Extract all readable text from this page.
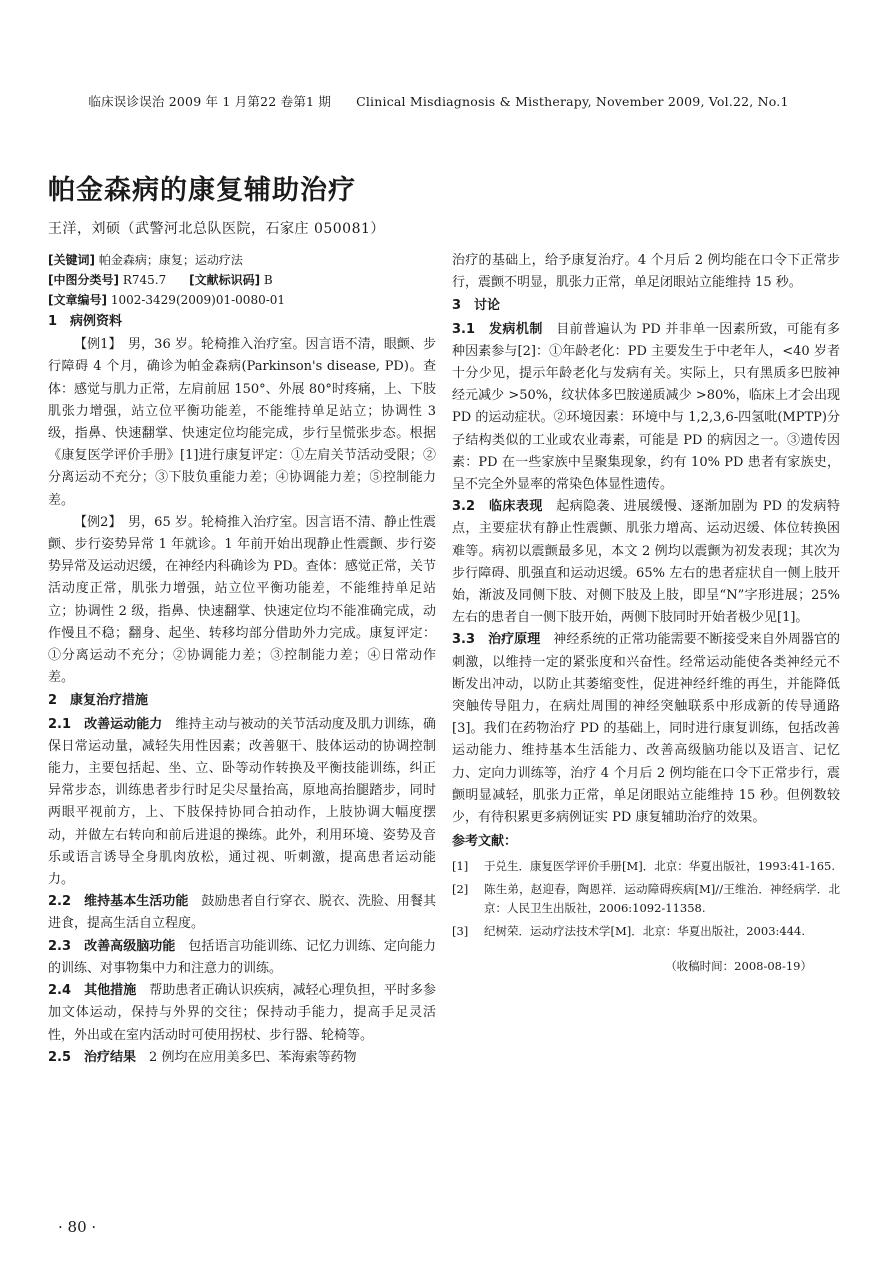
临床误诊误治 2009 年 1 月第22 卷第1 期 Clinical Misdiagnosis & Mistherapy, November 2009, Vol.22, No.1
帕金森病的康复辅助治疗
王洋，刘硕（武警河北总队医院，石家庄 050081）
[关键词] 帕金森病；康复；运动疗法
[中图分类号] R745.7 [文献标识码] B
[文章编号] 1002-3429(2009)01-0080-01
1　病例资料

【例1】　男，36 岁。轮椅推入治疗室。因言语不清，眼颤、步行障碍 4 个月，确诊为帕金森病(Parkinson's disease, PD)。查体：感觉与肌力正常，左肩前屈 150°、外展 80°时疼痛，上、下肢肌张力增强，站立位平衡功能差，不能维持单足站立；协调性 3 级，指鼻、快速翻掌、快速定位均能完成，步行呈慌张步态。根据《康复医学评价手册》[1]进行康复评定：①左肩关节活动受限；②分离运动不充分；③下肢负重能力差；④协调能力差；⑤控制能力差。

【例2】　男，65 岁。轮椅推入治疗室。因言语不清、静止性震颤、步行姿势异常 1 年就诊。1 年前开始出现静止性震颤、步行姿势异常及运动迟缓，在神经内科确诊为 PD。查体：感觉正常，关节活动度正常，肌张力增强，站立位平衡功能差，不能维持单足站立；协调性 2 级，指鼻、快速翻掌、快速定位均不能准确完成，动作慢且不稳；翻身、起坐、转移均部分借助外力完成。康复评定：①分离运动不充分；②协调能力差；③控制能力差；④日常动作差。

2　康复治疗措施

2.1　改善运动能力　 维持主动与被动的关节活动度及肌力训练，确保日常运动量，减轻失用性因素；改善躯干、肢体运动的协调控制能力，主要包括起、坐、立、卧等动作转换及平衡技能训练，纠正异常步态，训练患者步行时足尖尽量抬高，原地高抬腿踏步，同时两眼平视前方，上、下肢保持协同合拍动作，上肢协调大幅度摆动，并做左右转向和前后进退的操练。此外，利用环境、姿势及音乐或语言诱导全身肌肉放松，通过视、听刺激，提高患者运动能力。

2.2　维持基本生活功能　 鼓励患者自行穿衣、脱衣、洗脸、用餐其进食，提高生活自立程度。

2.3　改善高级脑功能　 包括语言功能训练、记忆力训练、定向能力的训练、对事物集中力和注意力的训练。

2.4　其他措施　 帮助患者正确认识疾病，减轻心理负担，平时多参加文体运动，保持与外界的交往；保持动手能力，提高手足灵活性，外出或在室内活动时可使用拐杖、步行器、轮椅等。

2.5　治疗结果　 2 例均在应用美多巴、苯海索等药物

治疗的基础上，给予康复治疗。4 个月后 2 例均能在口令下正常步行，震颤不明显，肌张力正常，单足闭眼站立能维持 15 秒。

3　讨论

3.1　发病机制　 目前普遍认为 PD 并非单一因素所致，可能有多种因素参与[2]：①年龄老化：PD 主要发生于中老年人，<40 岁者十分少见，提示年龄老化与发病有关。实际上，只有黑质多巴胺神经元减少 >50%，纹状体多巴胺递质减少 >80%，临床上才会出现 PD 的运动症状。②环境因素：环境中与 1,2,3,6-四氢吡(MPTP)分子结构类似的工业或农业毒素，可能是 PD 的病因之一。③遗传因素：PD 在一些家族中呈聚集现象，约有 10% PD 患者有家族史，呈不完全外显率的常染色体显性遗传。

3.2　临床表现　 起病隐袭、进展缓慢、逐渐加剧为 PD 的发病特点，主要症状有静止性震颤、肌张力增高、运动迟缓、体位转换困难等。病初以震颤最多见，本文 2 例均以震颤为初发表现；其次为步行障碍、肌强直和运动迟缓。65% 左右的患者症状自一侧上肢开始，渐波及同侧下肢、对侧下肢及上肢，即呈“N”字形进展；25% 左右的患者自一侧下肢开始，两侧下肢同时开始者极少见[1]。

3.3　治疗原理　 神经系统的正常功能需要不断接受来自外周器官的刺激，以维持一定的紧张度和兴奋性。经常运动能使各类神经元不断发出冲动，以防止其萎缩变性，促进神经纤维的再生，并能降低突触传导阻力，在病灶周围的神经突触联系中形成新的传导通路[3]。我们在药物治疗 PD 的基础上，同时进行康复训练，包括改善运动能力、维持基本生活能力、改善高级脑功能以及语言、记忆力、定向力训练等，治疗 4 个月后 2 例均能在口令下正常步行，震颤明显减轻，肌张力正常，单足闭眼站立能维持 15 秒。但例数较少，有待积累更多病例证实 PD 康复辅助治疗的效果。

参考文献：
[1]	于兑生．康复医学评价手册[M]．北京：华夏出版社，1993:41-165.
[2]	陈生弟，赵迎春，陶恩祥．运动障碍疾病[M]//王维治．神经病学．北京：人民卫生出版社，2006:1092-11358.
[3]	纪树荣．运动疗法技术学[M]．北京：华夏出版社，2003:444.
（收稿时间：2008-08-19）
· 80 ·
